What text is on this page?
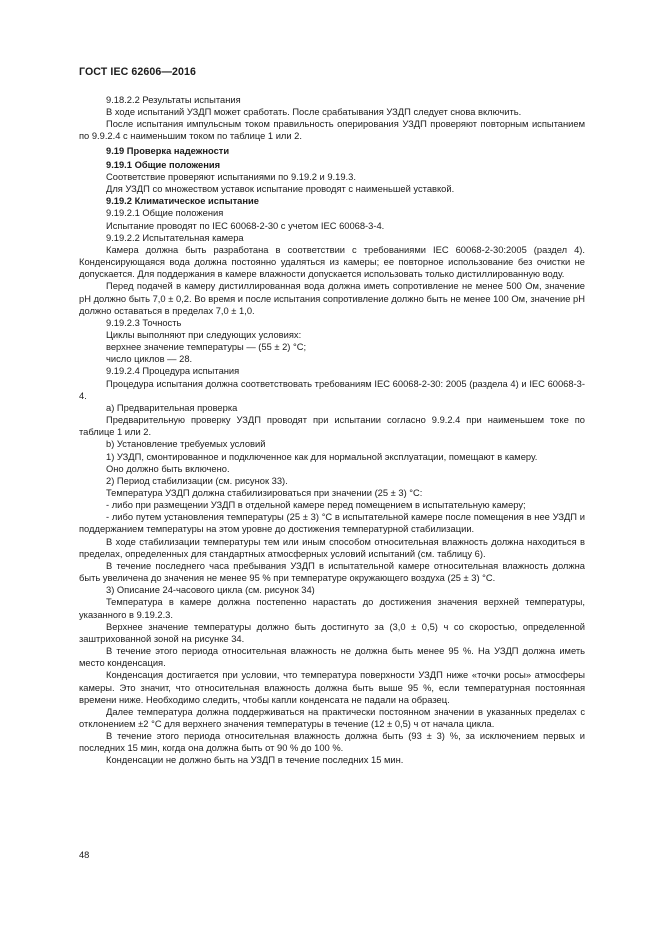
ГОСТ IEC 62606—2016

9.18.2.2 Результаты испытания

В ходе испытаний УЗДП может сработать. После срабатывания УЗДП следует снова включить.

После испытания импульсным током правильность оперирования УЗДП проверяют повторным испытанием по 9.9.2.4 с наименьшим током по таблице 1 или 2.

9.19 Проверка надежности

9.19.1 Общие положения

Соответствие проверяют испытаниями по 9.19.2 и 9.19.3.

Для УЗДП со множеством уставок испытание проводят с наименьшей уставкой.

9.19.2 Климатическое испытание

9.19.2.1 Общие положения

Испытание проводят по IEC 60068-2-30 с учетом IEC 60068-3-4.

9.19.2.2 Испытательная камера

Камера должна быть разработана в соответствии с требованиями IEC 60068-2-30:2005 (раздел 4). Конденсирующаяся вода должна постоянно удаляться из камеры; ее повторное использование без очистки не допускается. Для поддержания в камере влажности допускается использовать только дистиллированную воду.

Перед подачей в камеру дистиллированная вода должна иметь сопротивление не менее 500 Ом, значение pH должно быть 7,0 ± 0,2. Во время и после испытания сопротивление должно быть не менее 100 Ом, значение pH должно оставаться в пределах 7,0 ± 1,0.

9.19.2.3 Точность

Циклы выполняют при следующих условиях:

верхнее значение температуры — (55 ± 2) °С;

число циклов — 28.

9.19.2.4 Процедура испытания

Процедура испытания должна соответствовать требованиям IEC 60068-2-30: 2005 (раздела 4) и IEC 60068-3-4.

а) Предварительная проверка

Предварительную проверку УЗДП проводят при испытании согласно 9.9.2.4 при наименьшем токе по таблице 1 или 2.

b) Установление требуемых условий

1) УЗДП, смонтированное и подключенное как для нормальной эксплуатации, помещают в камеру.

Оно должно быть включено.

2) Период стабилизации (см. рисунок 33).

Температура УЗДП должна стабилизироваться при значении (25 ± 3) °С:

- либо при размещении УЗДП в отдельной камере перед помещением в испытательную камеру;

- либо путем установления температуры (25 ± 3) °С в испытательной камере после помещения в нее УЗДП и поддержанием температуры на этом уровне до достижения температурной стабилизации.

В ходе стабилизации температуры тем или иным способом относительная влажность должна находиться в пределах, определенных для стандартных атмосферных условий испытаний (см. таблицу 6).

В течение последнего часа пребывания УЗДП в испытательной камере относительная влажность должна быть увеличена до значения не менее 95 % при температуре окружающего воздуха (25 ± 3) °С.

3) Описание 24-часового цикла (см. рисунок 34)

Температура в камере должна постепенно нарастать до достижения значения верхней температуры, указанного в 9.19.2.3.

Верхнее значение температуры должно быть достигнуто за (3,0 ± 0,5) ч со скоростью, определенной заштрихованной зоной на рисунке 34.

В течение этого периода относительная влажность не должна быть менее 95 %. На УЗДП должна иметь место конденсация.

Конденсация достигается при условии, что температура поверхности УЗДП ниже «точки росы» атмосферы камеры. Это значит, что относительная влажность должна быть выше 95 %, если температурная постоянная времени ниже. Необходимо следить, чтобы капли конденсата не падали на образец.

Далее температура должна поддерживаться на практически постоянном значении в указанных пределах с отклонением ±2 °С для верхнего значения температуры в течение (12 ± 0,5) ч от начала цикла.

В течение этого периода относительная влажность должна быть (93 ± 3) %, за исключением первых и последних 15 мин, когда она должна быть от 90 % до 100 %.

Конденсации не должно быть на УЗДП в течение последних 15 мин.

48
